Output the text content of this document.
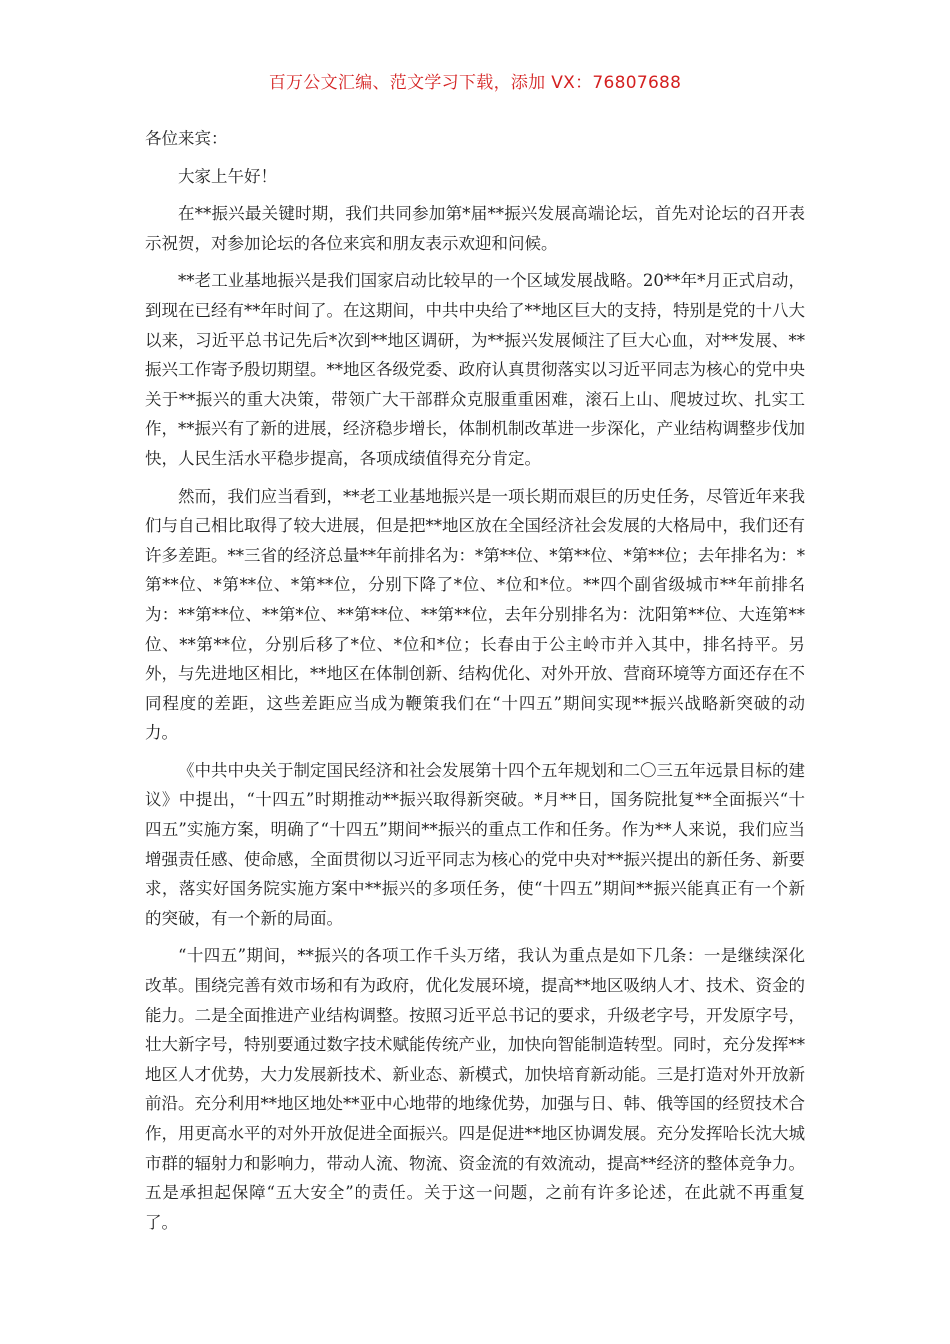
百万公文汇编、范文学习下载，添加 VX：76807688

各位来宾：

大家上午好！

在**振兴最关键时期，我们共同参加第*届**振兴发展高端论坛，首先对论坛的召开表示祝贺，对参加论坛的各位来宾和朋友表示欢迎和问候。

**老工业基地振兴是我们国家启动比较早的一个区域发展战略。20**年*月正式启动，到现在已经有**年时间了。在这期间，中共中央给了**地区巨大的支持，特别是党的十八大以来，习近平总书记先后*次到**地区调研，为**振兴发展倾注了巨大心血，对**发展、**振兴工作寄予殷切期望。**地区各级党委、政府认真贯彻落实以习近平同志为核心的党中央关于**振兴的重大决策，带领广大干部群众克服重重困难，滚石上山、爬坡过坎、扎实工作，**振兴有了新的进展，经济稳步增长，体制机制改革进一步深化，产业结构调整步伐加快，人民生活水平稳步提高，各项成绩值得充分肯定。

然而，我们应当看到，**老工业基地振兴是一项长期而艰巨的历史任务，尽管近年来我们与自己相比取得了较大进展，但是把**地区放在全国经济社会发展的大格局中，我们还有许多差距。**三省的经济总量**年前排名为：*第**位、*第**位、*第**位；去年排名为：*第**位、*第**位、*第**位，分别下降了*位、*位和*位。**四个副省级城市**年前排名为：**第**位、**第*位、**第**位、**第**位，去年分别排名为：沈阳第**位、大连第**位、**第**位，分别后移了*位、*位和*位；长春由于公主岭市并入其中，排名持平。另外，与先进地区相比，**地区在体制创新、结构优化、对外开放、营商环境等方面还存在不同程度的差距，这些差距应当成为鞭策我们在“十四五”期间实现**振兴战略新突破的动力。

《中共中央关于制定国民经济和社会发展第十四个五年规划和二〇三五年远景目标的建议》中提出，“十四五”时期推动**振兴取得新突破。*月**日，国务院批复**全面振兴“十四五”实施方案，明确了“十四五”期间**振兴的重点工作和任务。作为**人来说，我们应当增强责任感、使命感，全面贯彻以习近平同志为核心的党中央对**振兴提出的新任务、新要求，落实好国务院实施方案中**振兴的多项任务，使“十四五”期间**振兴能真正有一个新的突破，有一个新的局面。

“十四五”期间，**振兴的各项工作千头万绪，我认为重点是如下几条：一是继续深化改革。围绕完善有效市场和有为政府，优化发展环境，提高**地区吸纳人才、技术、资金的能力。二是全面推进产业结构调整。按照习近平总书记的要求，升级老字号，开发原字号，壮大新字号，特别要通过数字技术赋能传统产业，加快向智能制造转型。同时，充分发挥**地区人才优势，大力发展新技术、新业态、新模式，加快培育新动能。三是打造对外开放新前沿。充分利用**地区地处**亚中心地带的地缘优势，加强与日、韩、俄等国的经贸技术合作，用更高水平的对外开放促进全面振兴。四是促进**地区协调发展。充分发挥哈长沈大城市群的辐射力和影响力，带动人流、物流、资金流的有效流动，提高**经济的整体竞争力。五是承担起保障“五大安全”的责任。关于这一问题，之前有许多论述，在此就不再重复了。
